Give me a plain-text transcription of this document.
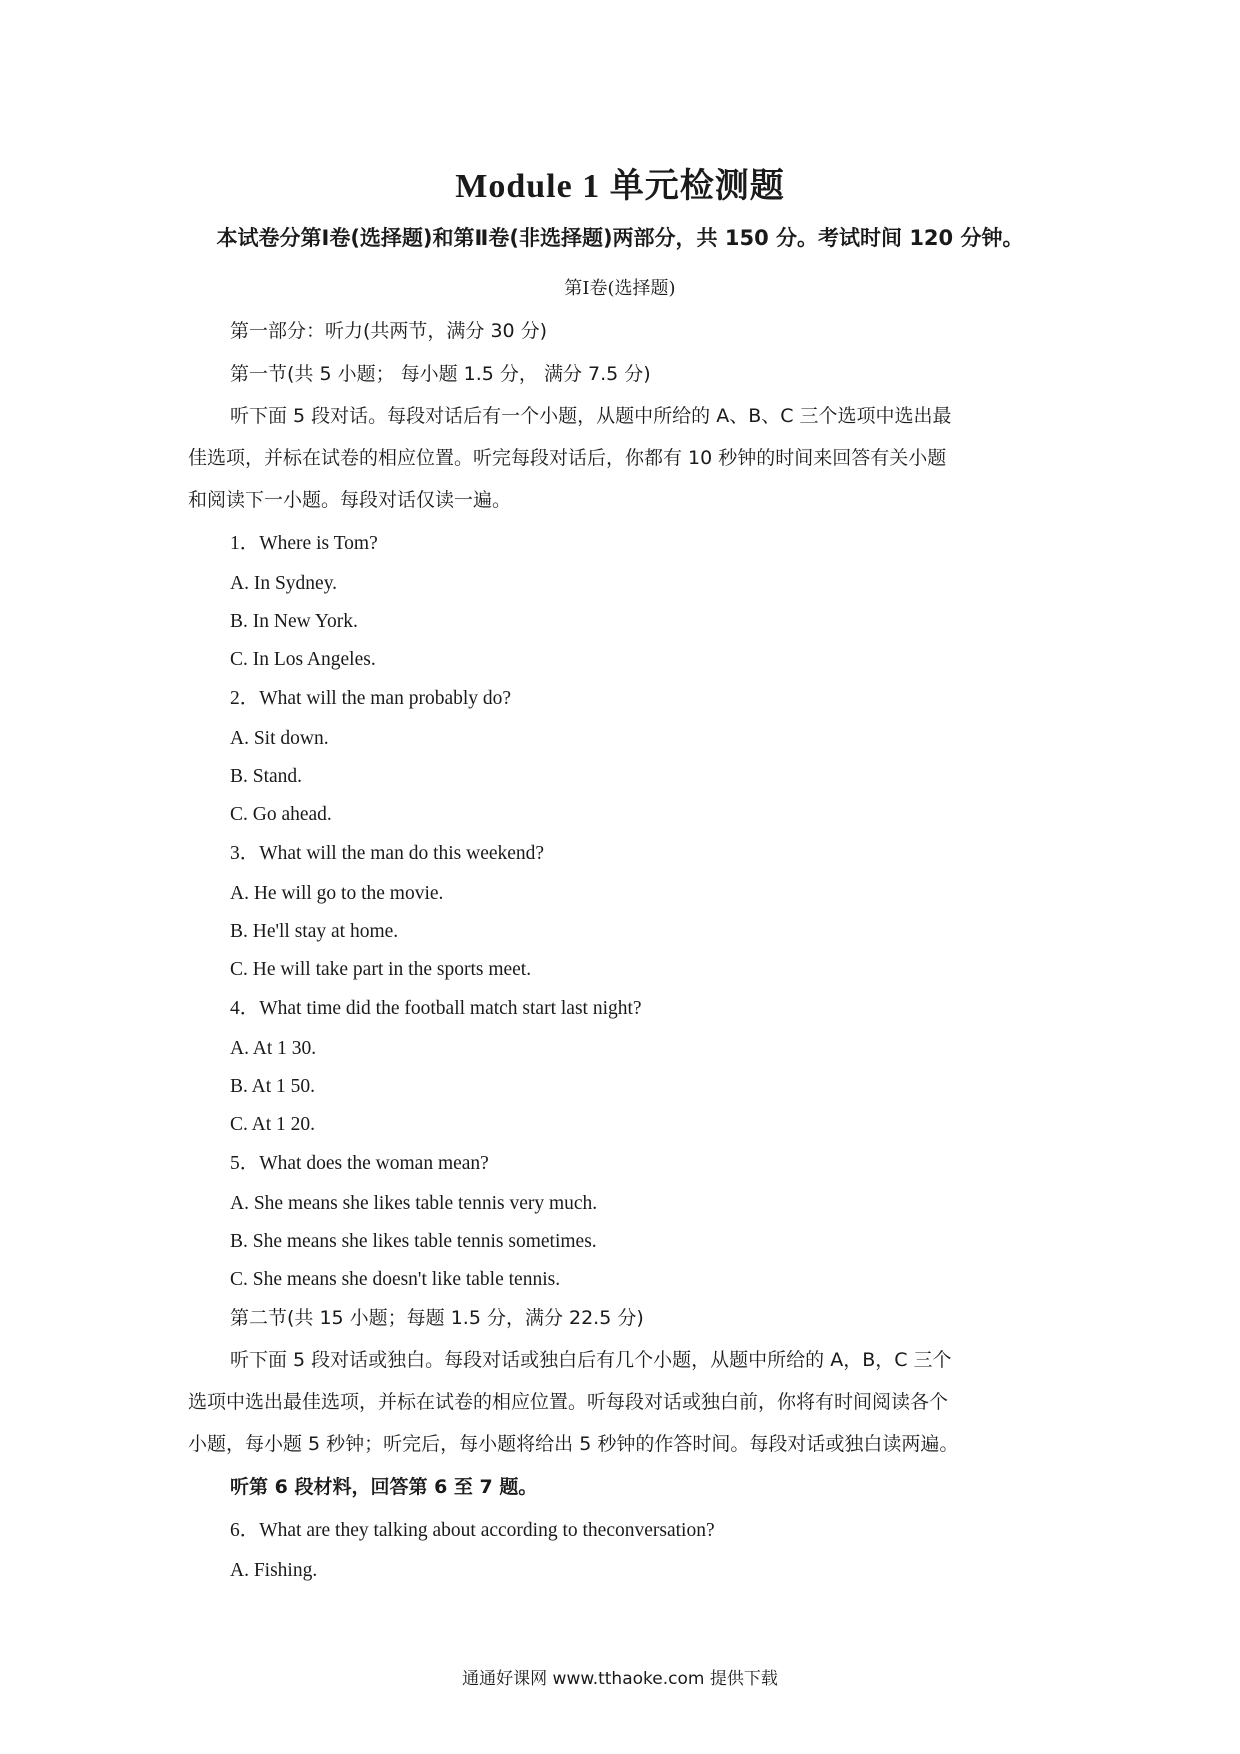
Module 1 单元检测题
本试卷分第Ⅰ卷(选择题)和第Ⅱ卷(非选择题)两部分，共 150 分。考试时间 120 分钟。
第Ⅰ卷(选择题)
第一部分：听力(共两节，满分 30 分)
第一节(共 5 小题； 每小题 1.5 分， 满分 7.5 分)
听下面 5 段对话。每段对话后有一个小题，从题中所给的 A、B、C 三个选项中选出最
佳选项，并标在试卷的相应位置。听完每段对话后，你都有 10 秒钟的时间来回答有关小题
和阅读下一小题。每段对话仅读一遍。
1．Where is Tom?
A. In Sydney.
B. In New York.
C. In Los Angeles.
2．What will the man probably do?
A. Sit down.
B. Stand.
C. Go ahead.
3．What will the man do this weekend?
A. He will go to the movie.
B. He'll stay at home.
C. He will take part in the sports meet.
4．What time did the football match start last night?
A. At 1 30.
B. At 1 50.
C. At 1 20.
5．What does the woman mean?
A. She means she likes table tennis very much.
B. She means she likes table tennis sometimes.
C. She means she doesn't like table tennis.
第二节(共 15 小题；每题 1.5 分，满分 22.5 分)
听下面 5 段对话或独白。每段对话或独白后有几个小题，从题中所给的 A，B，C 三个
选项中选出最佳选项，并标在试卷的相应位置。听每段对话或独白前，你将有时间阅读各个
小题，每小题 5 秒钟；听完后，每小题将给出 5 秒钟的作答时间。每段对话或独白读两遍。
听第 6 段材料，回答第 6 至 7 题。
6．What are they talking about according to theconversation?
A. Fishing.
通通好课网 www.tthaoke.com 提供下载
